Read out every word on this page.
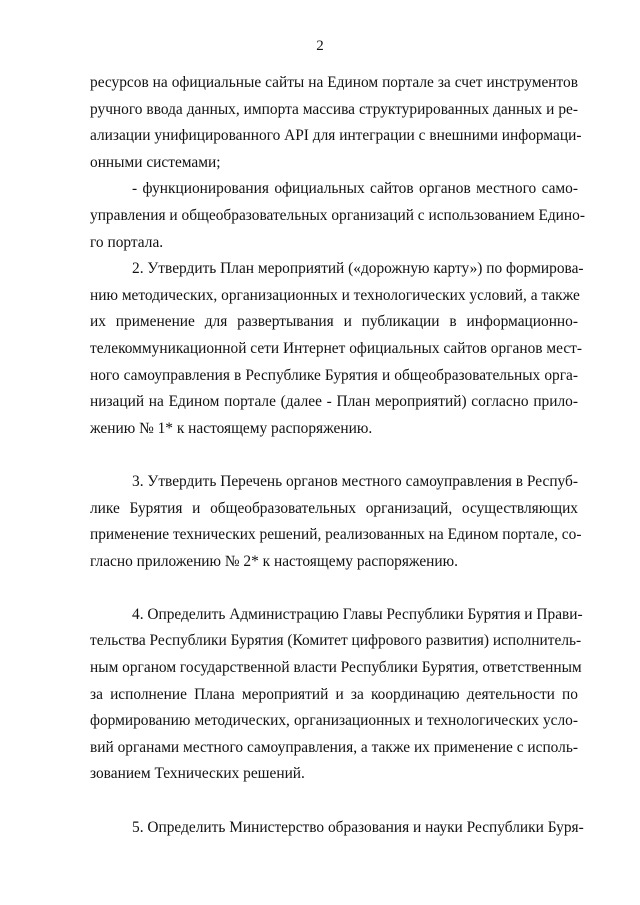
2
ресурсов на официальные сайты на Едином портале за счет инструментов
ручного ввода данных, импорта массива структурированных данных и ре-
ализации унифицированного API для интеграции с внешними информаци-
онными системами;
- функционирования официальных сайтов органов местного само-
управления и общеобразовательных организаций с использованием Едино-
го портала.
2. Утвердить План мероприятий («дорожную карту») по формирова-
нию методических, организационных и технологических условий, а также
их применение для развертывания и публикации в информационно-
телекоммуникационной сети Интернет официальных сайтов органов мест-
ного самоуправления в Республике Бурятия и общеобразовательных орга-
низаций на Едином портале (далее - План мероприятий) согласно прило-
жению № 1* к настоящему распоряжению.
3. Утвердить Перечень органов местного самоуправления в Респуб-
лике Бурятия и общеобразовательных организаций, осуществляющих
применение технических решений, реализованных на Едином портале, со-
гласно приложению № 2* к настоящему распоряжению.
4. Определить Администрацию Главы Республики Бурятия и Прави-
тельства Республики Бурятия (Комитет цифрового развития) исполнитель-
ным органом государственной власти Республики Бурятия, ответственным
за исполнение Плана мероприятий и за координацию деятельности по
формированию методических, организационных и технологических усло-
вий органами местного самоуправления, а также их применение с исполь-
зованием Технических решений.
5. Определить Министерство образования и науки Республики Буря-
